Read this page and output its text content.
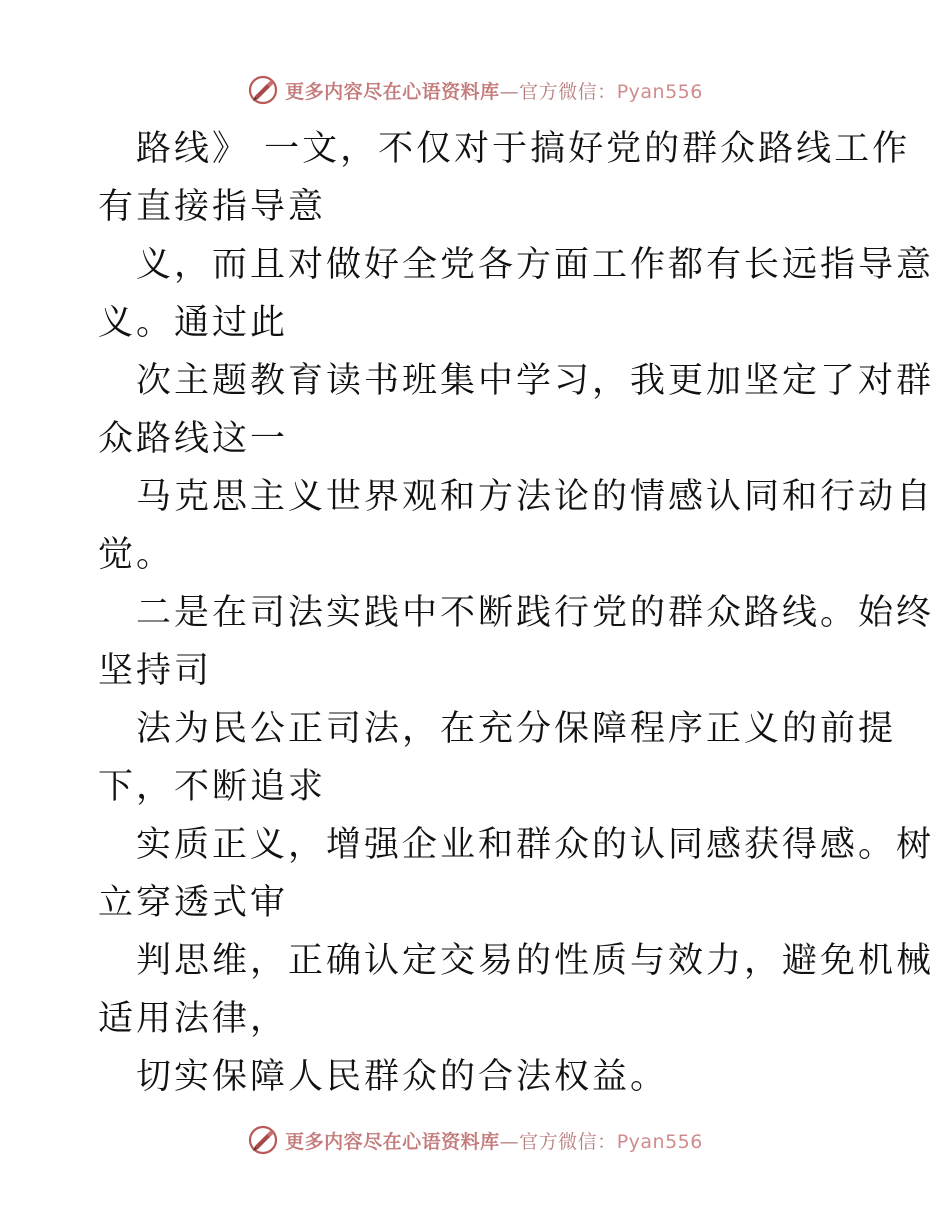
更多内容尽在心语资料库—官方微信：Pyan556
路线》 一文，不仅对于搞好党的群众路线工作
有直接指导意
义，而且对做好全党各方面工作都有长远指导意
义。通过此
次主题教育读书班集中学习，我更加坚定了对群
众路线这一
马克思主义世界观和方法论的情感认同和行动自
觉。
二是在司法实践中不断践行党的群众路线。始终
坚持司
法为民公正司法，在充分保障程序正义的前提
下，不断追求
实质正义，增强企业和群众的认同感获得感。树
立穿透式审
判思维，正确认定交易的性质与效力，避免机械
适用法律，
切实保障人民群众的合法权益。
更多内容尽在心语资料库—官方微信：Pyan556
